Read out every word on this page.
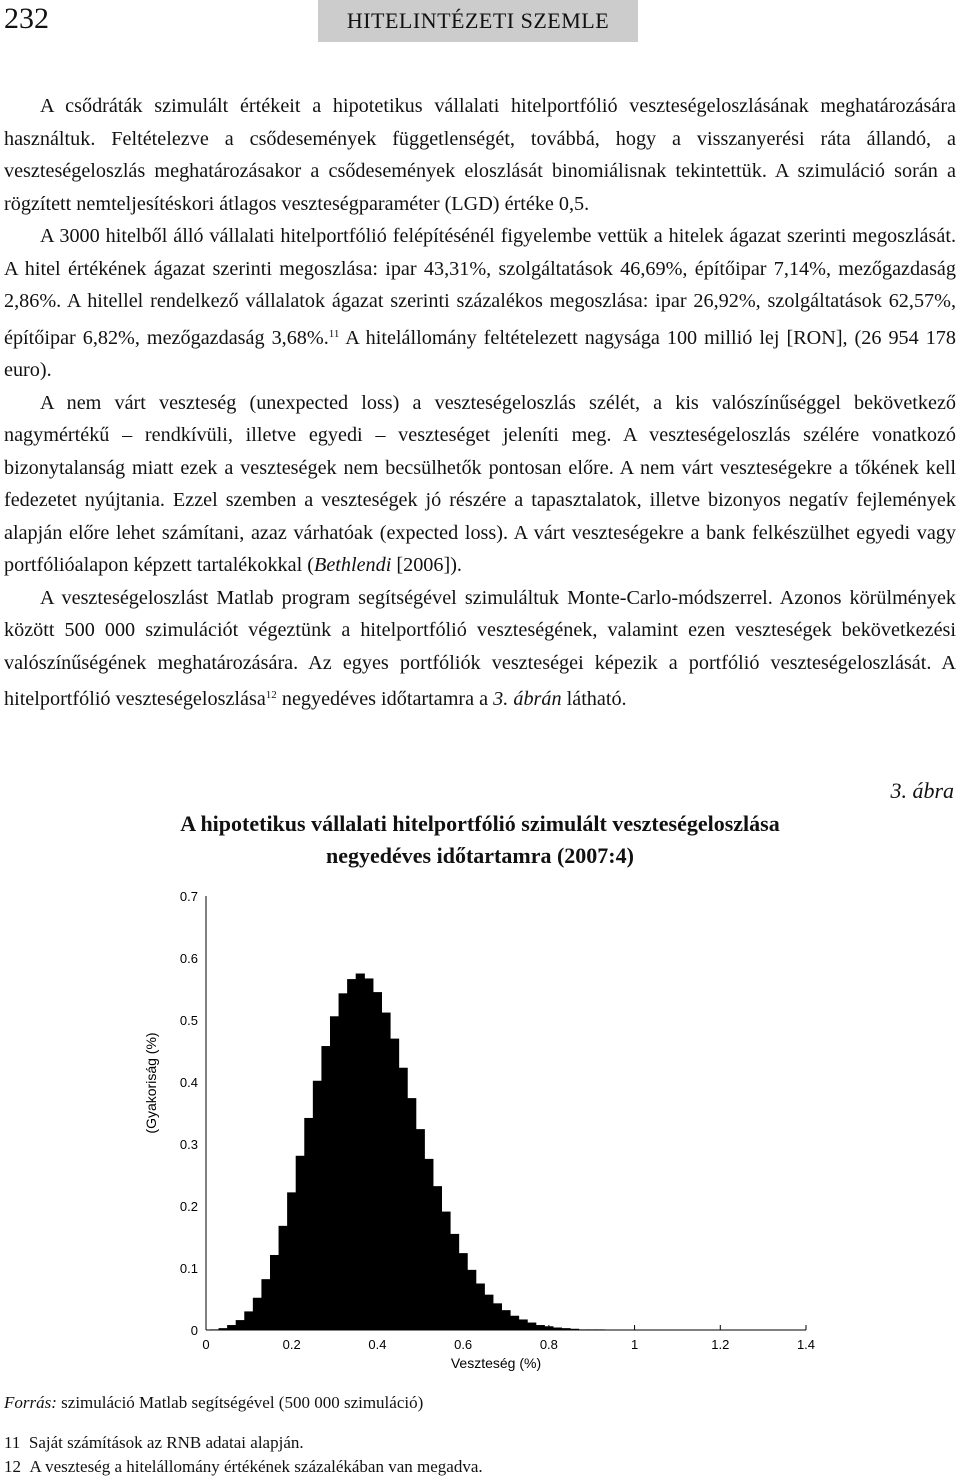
232	HITELINTÉZETI SZEMLE

A csődráták szimulált értékeit a hipotetikus vállalati hitelportfólió veszteségeloszlásának meghatározására használtuk. Feltételezve a csődesemények függetlenségét, továbbá, hogy a visszanyerési ráta állandó, a veszteségeloszlás meghatározásakor a csődesemények eloszlását binomiálisnak tekintettük. A szimuláció során a rögzített nemteljesítéskori átlagos veszteségparaméter (LGD) értéke 0,5.

A 3000 hitelből álló vállalati hitelportfólió felépítésénél figyelembe vettük a hitelek ágazat szerinti megoszlását. A hitel értékének ágazat szerinti megoszlása: ipar 43,31%, szolgáltatások 46,69%, építőipar 7,14%, mezőgazdaság 2,86%. A hitellel rendelkező vállalatok ágazat szerinti százalékos megoszlása: ipar 26,92%, szolgáltatások 62,57%, építőipar 6,82%, mezőgazdaság 3,68%.$^{11}$ A hitelállomány feltételezett nagysága 100 millió lej [RON], (26 954 178 euro).

A nem várt veszteség (unexpected loss) a veszteségeloszlás szélét, a kis valószínűséggel bekövetkező nagymértékű – rendkívüli, illetve egyedi – veszteséget jeleníti meg. A veszteségeloszlás szélére vonatkozó bizonytalanság miatt ezek a veszteségek nem becsülhetők pontosan előre. A nem várt veszteségekre a tőkének kell fedezetet nyújtania. Ezzel szemben a veszteségek jó részére a tapasztalatok, illetve bizonyos negatív fejlemények alapján előre lehet számítani, azaz várhatóak (expected loss). A várt veszteségekre a bank felkészülhet egyedi vagy portfólióalapon képzett tartalékokkal (Bethlendi [2006]).

A veszteségeloszlást Matlab program segítségével szimuláltuk Monte-Carlo-módszerrel. Azonos körülmények között 500 000 szimulációt végeztünk a hitelportfólió veszteségének, valamint ezen veszteségek bekövetkezési valószínűségének meghatározására. Az egyes portfóliók veszteségei képezik a portfólió veszteségeloszlását. A hitelportfólió veszteségeloszlása$^{12}$ negyedéves időtartamra a 3. ábrán látható.

3. ábra
A hipotetikus vállalati hitelportfólió szimulált veszteségeloszlása
negyedéves időtartamra (2007:4)
0
0.1
0.2
0.3
0.4
0.5
0.6
0.7
0	0.2	0.4	0.6	0.8	1	1.2	1.4
Veszteség (%)
(Gyakoriság (%)
Forrás: szimuláció Matlab segítségével (500 000 szimuláció)
11 Saját számítások az RNB adatai alapján.
12 A veszteség a hitelállomány értékének százalékában van megadva.
